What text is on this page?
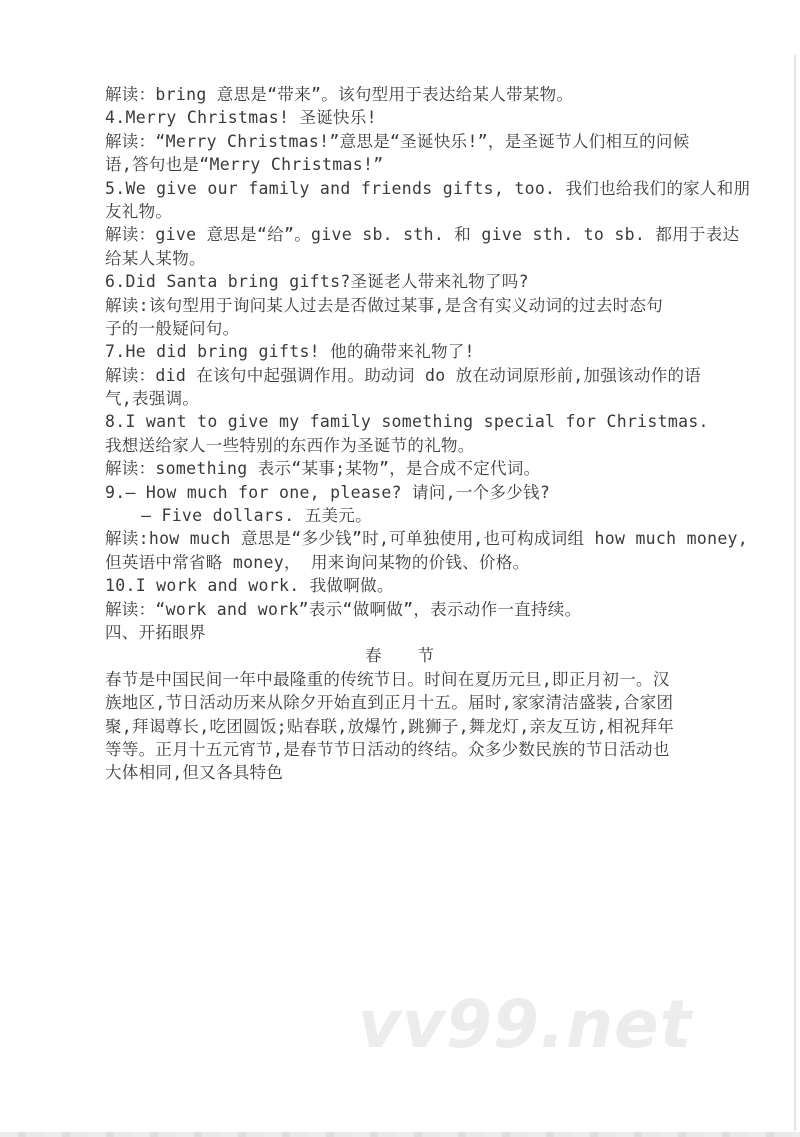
解读：bring 意思是“带来”。该句型用于表达给某人带某物。
4.Merry Christmas! 圣诞快乐!
解读：“Merry Christmas!”意思是“圣诞快乐!”，是圣诞节人们相互的问候
语,答句也是“Merry Christmas!”
5.We give our family and friends gifts, too. 我们也给我们的家人和朋
友礼物。
解读：give 意思是“给”。give sb. sth. 和 give sth. to sb. 都用于表达
给某人某物。
6.Did Santa bring gifts?圣诞老人带来礼物了吗?
解读:该句型用于询问某人过去是否做过某事,是含有实义动词的过去时态句
子的一般疑问句。
7.He did bring gifts! 他的确带来礼物了!
解读：did 在该句中起强调作用。助动词 do 放在动词原形前,加强该动作的语
气,表强调。
8.I want to give my family something special for Christmas.
我想送给家人一些特别的东西作为圣诞节的礼物。
解读：something 表示“某事;某物”，是合成不定代词。
9.— How much for one, please? 请问,一个多少钱?
— Five dollars. 五美元。
解读:how much 意思是“多少钱”时,可单独使用,也可构成词组 how much money,
但英语中常省略 money， 用来询问某物的价钱、价格。
10.I work and work. 我做啊做。
解读：“work and work”表示“做啊做”，表示动作一直持续。
四、开拓眼界
春　　节
春节是中国民间一年中最隆重的传统节日。时间在夏历元旦,即正月初一。汉
族地区,节日活动历来从除夕开始直到正月十五。届时,家家清洁盛装,合家团
聚,拜谒尊长,吃团圆饭;贴春联,放爆竹,跳狮子,舞龙灯,亲友互访,相祝拜年
等等。正月十五元宵节,是春节节日活动的终结。众多少数民族的节日活动也
大体相同,但又各具特色
vv99.net
